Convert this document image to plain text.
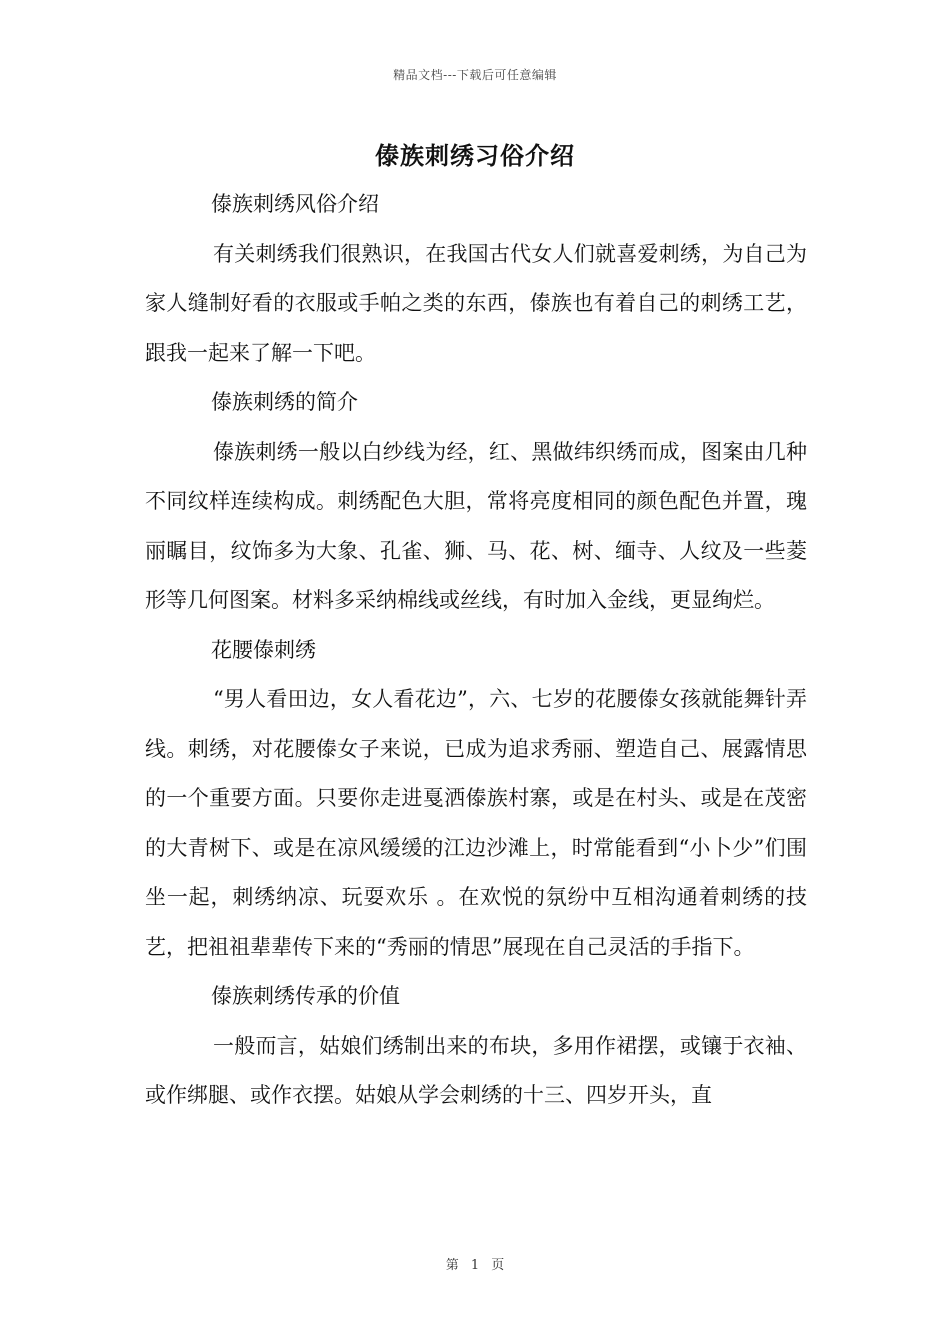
精品文档---下载后可任意编辑
傣族刺绣习俗介绍

傣族刺绣风俗介绍

有关刺绣我们很熟识，在我国古代女人们就喜爱刺绣，为自己为家人缝制好看的衣服或手帕之类的东西，傣族也有着自己的刺绣工艺，跟我一起来了解一下吧。

傣族刺绣的简介

傣族刺绣一般以白纱线为经，红、黑做纬织绣而成，图案由几种不同纹样连续构成。刺绣配色大胆，常将亮度相同的颜色配色并置，瑰丽瞩目，纹饰多为大象、孔雀、狮、马、花、树、缅寺、人纹及一些菱形等几何图案。材料多采纳棉线或丝线，有时加入金线，更显绚烂。

花腰傣刺绣

“男人看田边，女人看花边”，六、七岁的花腰傣女孩就能舞针弄线。刺绣，对花腰傣女子来说，已成为追求秀丽、塑造自己、展露情思的一个重要方面。只要你走进戛洒傣族村寨，或是在村头、或是在茂密的大青树下、或是在凉风缓缓的江边沙滩上，时常能看到“小卜少”们围坐一起，刺绣纳凉、玩耍欢乐 。在欢悦的氛纷中互相沟通着刺绣的技艺，把祖祖辈辈传下来的“秀丽的情思”展现在自己灵活的手指下。

傣族刺绣传承的价值

一般而言，姑娘们绣制出来的布块，多用作裙摆，或镶于衣袖、或作绑腿、或作衣摆。姑娘从学会刺绣的十三、四岁开头，直

第 1 页
